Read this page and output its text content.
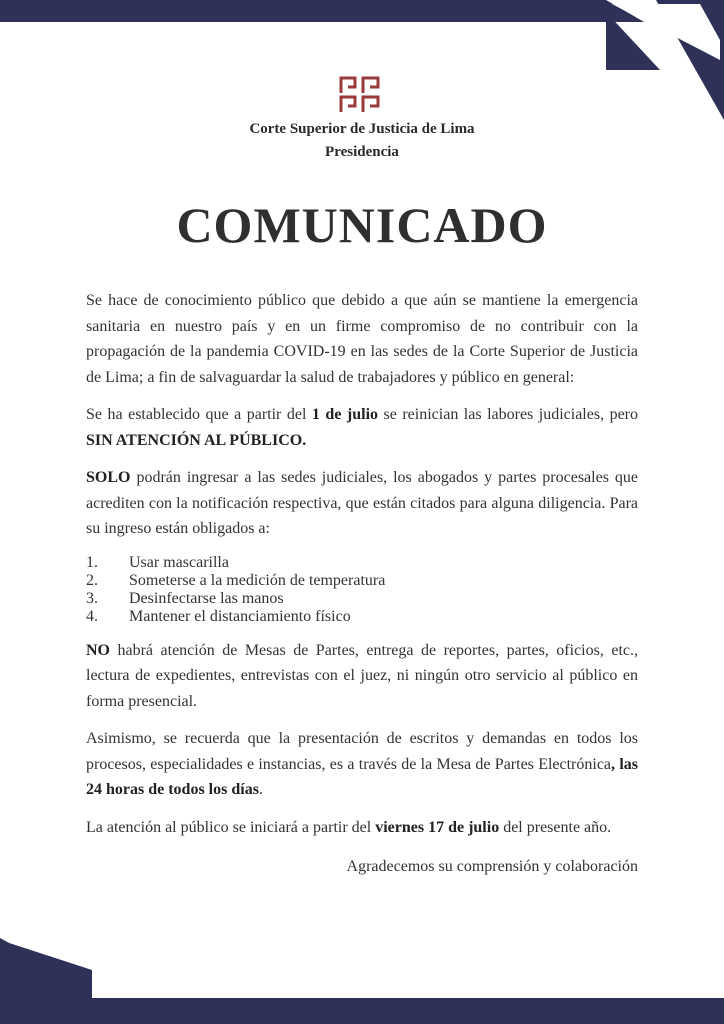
Corte Superior de Justicia de Lima
Presidencia
COMUNICADO

Se hace de conocimiento público que debido a que aún se mantiene la emergencia sanitaria en nuestro país y en un firme compromiso de no contribuir con la propagación de la pandemia COVID-19 en las sedes de la Corte Superior de Justicia de Lima; a fin de salvaguardar la salud de trabajadores y público en general:

Se ha establecido que a partir del 1 de julio se reinician las labores judiciales, pero SIN ATENCIÓN AL PÚBLICO.

SOLO podrán ingresar a las sedes judiciales, los abogados y partes procesales que acrediten con la notificación respectiva, que están citados para alguna diligencia. Para su ingreso están obligados a:

1.	Usar mascarilla
2.	Someterse a la medición de temperatura
3.	Desinfectarse las manos
4.	Mantener el distanciamiento físico

NO habrá atención de Mesas de Partes, entrega de reportes, partes, oficios, etc., lectura de expedientes, entrevistas con el juez, ni ningún otro servicio al público en forma presencial.

Asimismo, se recuerda que la presentación de escritos y demandas en todos los procesos, especialidades e instancias, es a través de la Mesa de Partes Electrónica, las 24 horas de todos los días.

La atención al público se iniciará a partir del viernes 17 de julio del presente año.

Agradecemos su comprensión y colaboración
